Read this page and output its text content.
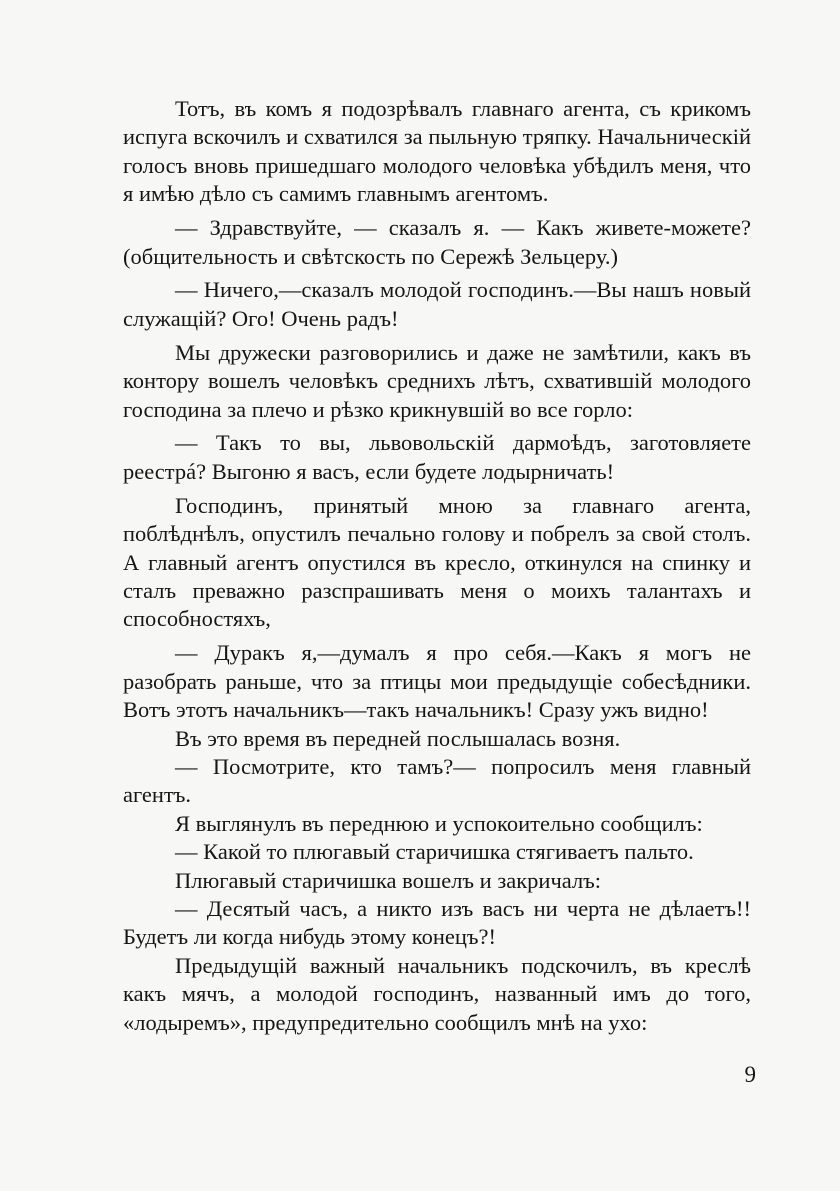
Тотъ, въ комъ я подозрѣвалъ главнаго агента, съ крикомъ испуга вскочилъ и схватился за пыльную тряпку. Начальническiй голосъ вновь пришедшаго молодого человѣка убѣдилъ меня, что я имѣю дѣло съ самимъ главнымъ агентомъ.

— Здравствуйте, — сказалъ я. — Какъ живете-можете? (общительность и свѣтскость по Сережѣ Зельцеру.)

— Ничего,—сказалъ молодой господинъ.—Вы нашъ новый служащiй? Ого! Очень радъ!

Мы дружески разговорились и даже не замѣтили, какъ въ контору вошелъ человѣкъ среднихъ лѣтъ, схватившiй молодого господина за плечо и рѣзко крикнувшiй во все горло:

— Такъ то вы, львовольскiй дармоѣдъ, заготовляете реестрá? Выгоню я васъ, если будете лодырничать!

Господинъ, принятый мною за главнаго агента, поблѣднѣлъ, опустилъ печально голову и побрелъ за свой столъ. А главный агентъ опустился въ кресло, откинулся на спинку и сталъ преважно разспрашивать меня о моихъ талантахъ и способностяхъ,

— Дуракъ я,—думалъ я про себя.—Какъ я могъ не разобрать раньше, что за птицы мои предыдущiе собесѣдники. Вотъ этотъ начальникъ—такъ начальникъ! Сразу ужъ видно!

Въ это время въ передней послышалась возня.

— Посмотрите, кто тамъ?— попросилъ меня главный агентъ.

Я выглянулъ въ переднюю и успокоительно сообщилъ:

— Какой то плюгавый старичишка стягиваетъ пальто.

Плюгавый старичишка вошелъ и закричалъ:

— Десятый часъ, а никто изъ васъ ни черта не дѣлаетъ!! Будетъ ли когда нибудь этому конецъ?!

Предыдущiй важный начальникъ подскочилъ, въ креслѣ какъ мячъ, а молодой господинъ, названный имъ до того, «лодыремъ», предупредительно сообщилъ мнѣ на ухо:

9
